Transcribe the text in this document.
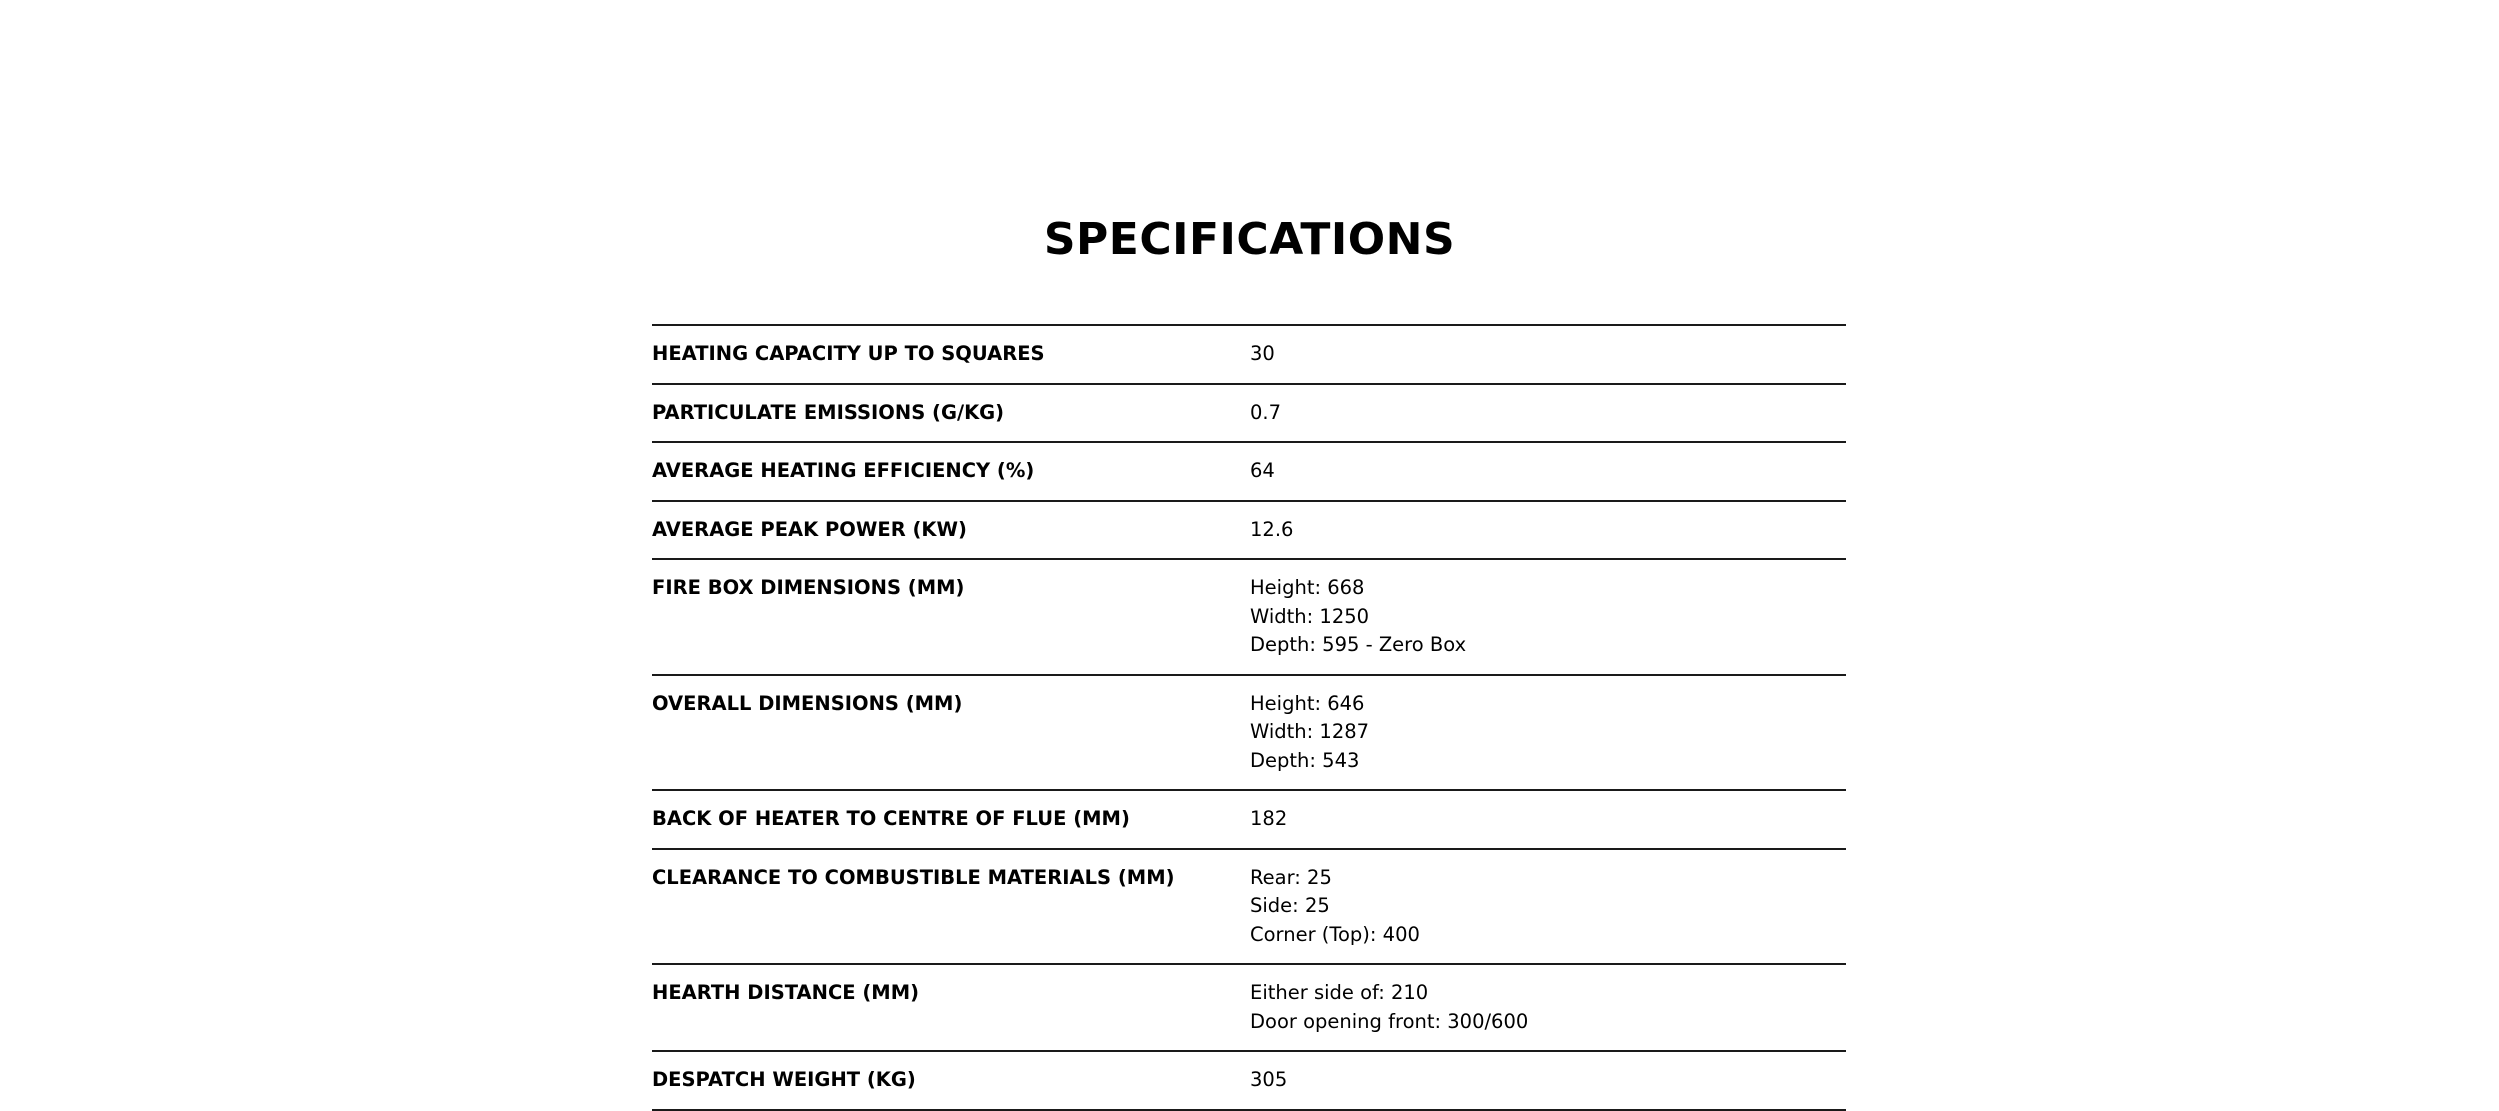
SPECIFICATIONS
HEATING CAPACITY UP TO SQUARES	30
PARTICULATE EMISSIONS (G/KG)	0.7
AVERAGE HEATING EFFICIENCY (%)	64
AVERAGE PEAK POWER (KW)	12.6
FIRE BOX DIMENSIONS (MM)	Height: 668
Width: 1250
Depth: 595 - Zero Box
OVERALL DIMENSIONS (MM)	Height: 646
Width: 1287
Depth: 543
BACK OF HEATER TO CENTRE OF FLUE (MM)	182
CLEARANCE TO COMBUSTIBLE MATERIALS (MM)	Rear: 25
Side: 25
Corner (Top): 400
HEARTH DISTANCE (MM)	Either side of: 210
Door opening front: 300/600
DESPATCH WEIGHT (KG)	305
